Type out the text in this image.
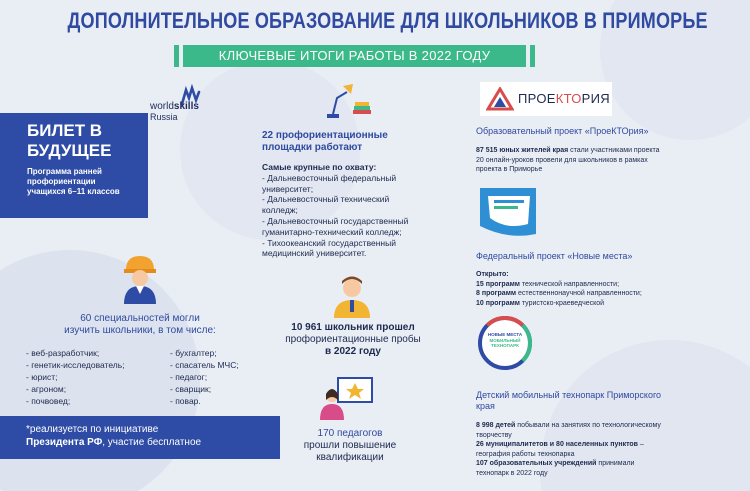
ДОПОЛНИТЕЛЬНОЕ ОБРАЗОВАНИЕ ДЛЯ ШКОЛЬНИКОВ В ПРИМОРЬЕ
КЛЮЧЕВЫЕ ИТОГИ РАБОТЫ В 2022 ГОДУ
БИЛЕТ В
БУДУЩЕЕ
Программа ранней
профориентации
учащихся 6–11 классов
worldskills
Russia
22 профориентационные
площадки работают
Самые крупные по охвату:
- Дальневосточный федеральный
университет;
- Дальневосточный технический
колледж;
- Дальневосточный государственный
гуманитарно-технический колледж;
- Тихоокеанский государственный
медицинский университет.
60 специальностей могли
изучить школьники, в том числе:
- веб-разработчик;
- генетик-исследователь;
- юрист;
- агроном;
- почвовед;
- бухгалтер;
- спасатель МЧС;
- педагог;
- сварщик;
- повар.
10 961 школьник прошел
профориентационные пробы
в 2022 году
170 педагогов
прошли повышение
квалификации
*реализуется по инициативе
Президента РФ, участие бесплатное
ПРОЕКТОРИЯ
Образовательный проект «ПроеКТОрия»
87 515 юных жителей края стали участниками проекта
20 онлайн-уроков провели для школьников в рамках
проекта в Приморье
Федеральный проект «Новые места»
Открыто:
15 программ технической направленности;
8 программ естественнонаучной направленности;
10 программ туристско-краеведческой
НОВЫЕ МЕСТА
МОБИЛЬНЫЙ ТЕХНОПАРК
Детский мобильный технопарк Приморского
края
8 998 детей побывали на занятиях по технологическому
творчеству
26 муниципалитетов и 80 населенных пунктов –
география работы технопарка
107 образовательных учреждений принимали
технопарк в 2022 году
